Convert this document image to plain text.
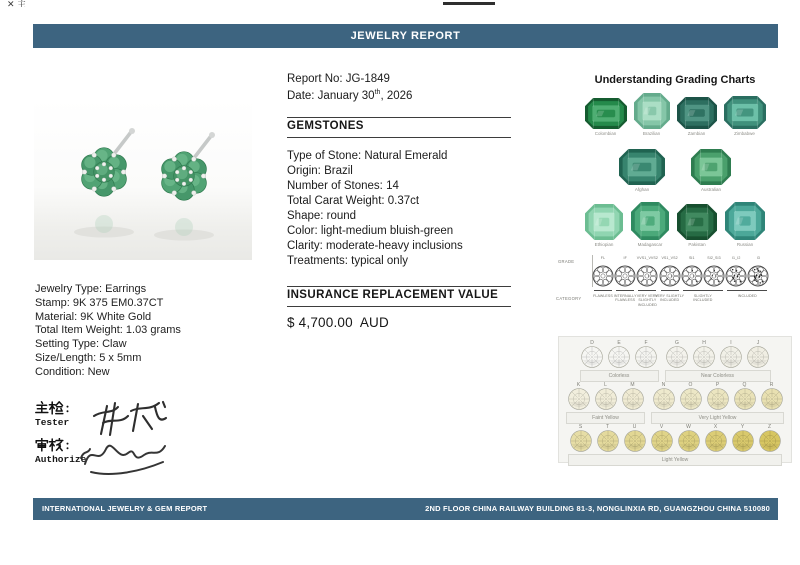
✕ 主
JEWELRY REPORT
Jewelry Type: Earrings
Stamp: 9K 375 EM0.37CT
Material: 9K White Gold
Total Item Weight: 1.03 grams
Setting Type: Claw
Size/Length: 5 x 5mm
Condition: New
Tester
Authorize
Report No: JG-1849
Date: January 30th, 2026
GEMSTONES
Type of Stone: Natural Emerald
Origin: Brazil
Number of Stones: 14
Total Carat Weight: 0.37ct
Shape: round
Color: light-medium bluish-green
Clarity: moderate-heavy inclusions
Treatments: typical only
INSURANCE REPLACEMENT VALUE
$ 4,700.00 AUD
Understanding Grading Charts
Colombian	Brazilian	Zambian	Zimbabwe
Afghan	Australian
Ethiopian	Madagascar	Pakistan	Russian
GRADE
FL	IF	VVS1_VVS2 VS1_VS2	SI1	SI2_SI3	I1_I2	I3
FLAWLESS INTERNALLY FLAWLESS
VERY VERY SLIGHTLY INCLUDED
VERY SLIGHTLY INCLUDED
SLIGHTLY INCLUDED
INCLUDED
CATEGORY
D	E	F
Colorless
G	H	I	J
Near Colorless
K	L	M
Faint Yellow
N	O	P	Q	R
Very Light Yellow
S	T	U	V	W	X	Y	Z
Light Yellow
INTERNATIONAL JEWELRY & GEM REPORT	2ND FLOOR CHINA RAILWAY BUILDING 81-3, NONGLINXIA RD, GUANGZHOU CHINA 510080
